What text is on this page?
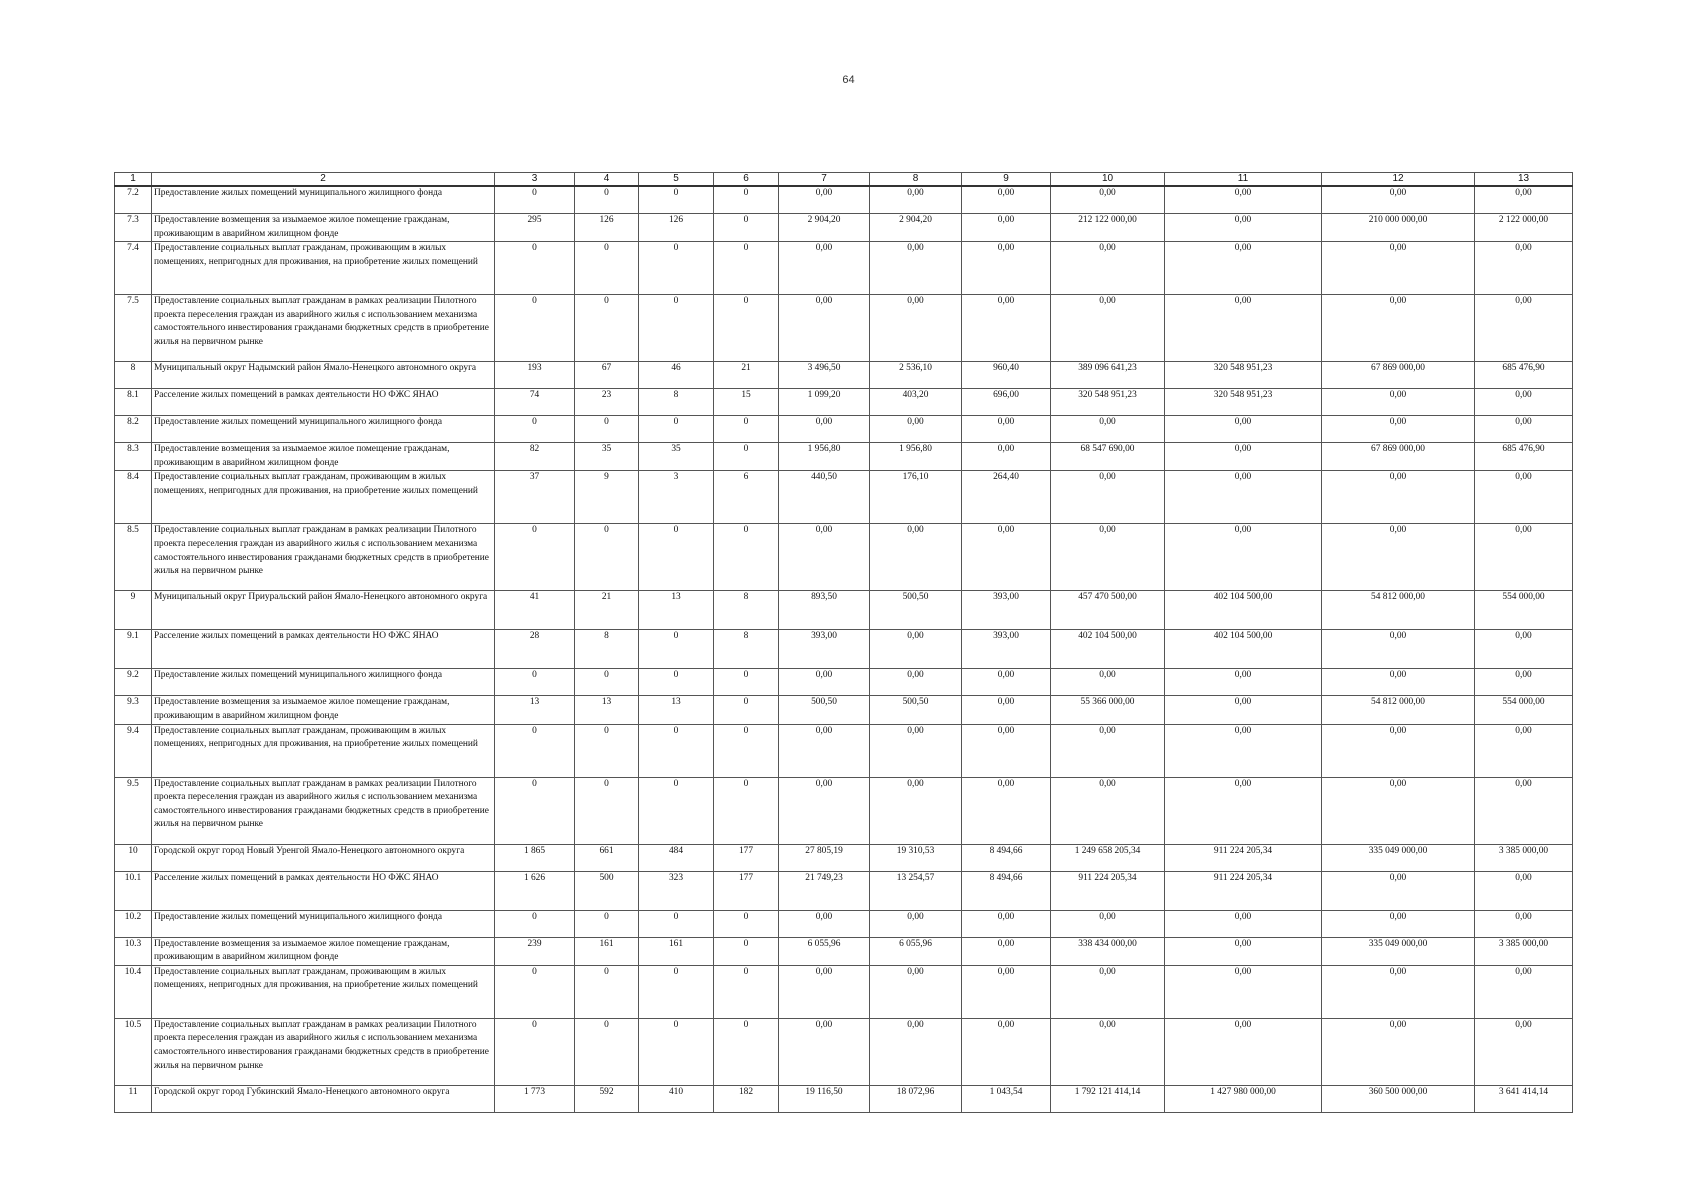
64
1	2	3	4	5	6	7	8	9	10	11	12	13
7.2	Предоставление жилых помещений муниципального жилищного фонда	0	0	0	0	0,00	0,00	0,00	0,00	0,00	0,00	0,00
7.3	Предоставление возмещения за изымаемое жилое помещение гражданам, проживающим в аварийном жилищном фонде	295	126	126	0	2 904,20	2 904,20	0,00	212 122 000,00	0,00	210 000 000,00	2 122 000,00
7.4	Предоставление социальных выплат гражданам, проживающим в жилых помещениях, непригодных для проживания, на приобретение жилых помещений	0	0	0	0	0,00	0,00	0,00	0,00	0,00	0,00	0,00
7.5	Предоставление социальных выплат гражданам в рамках реализации Пилотного проекта переселения граждан из аварийного жилья с использованием механизма самостоятельного инвестирования гражданами бюджетных средств в приобретение жилья на первичном рынке	0	0	0	0	0,00	0,00	0,00	0,00	0,00	0,00	0,00
8	Муниципальный округ Надымский район Ямало-Ненецкого автономного округа	193	67	46	21	3 496,50	2 536,10	960,40	389 096 641,23	320 548 951,23	67 869 000,00	685 476,90
8.1	Расселение жилых помещений в рамках деятельности НО ФЖС ЯНАО	74	23	8	15	1 099,20	403,20	696,00	320 548 951,23	320 548 951,23	0,00	0,00
8.2	Предоставление жилых помещений муниципального жилищного фонда	0	0	0	0	0,00	0,00	0,00	0,00	0,00	0,00	0,00
8.3	Предоставление возмещения за изымаемое жилое помещение гражданам, проживающим в аварийном жилищном фонде	82	35	35	0	1 956,80	1 956,80	0,00	68 547 690,00	0,00	67 869 000,00	685 476,90
8.4	Предоставление социальных выплат гражданам, проживающим в жилых помещениях, непригодных для проживания, на приобретение жилых помещений	37	9	3	6	440,50	176,10	264,40	0,00	0,00	0,00	0,00
8.5	Предоставление социальных выплат гражданам в рамках реализации Пилотного проекта переселения граждан из аварийного жилья с использованием механизма самостоятельного инвестирования гражданами бюджетных средств в приобретение жилья на первичном рынке	0	0	0	0	0,00	0,00	0,00	0,00	0,00	0,00	0,00
9	Муниципальный округ Приуральский район Ямало-Ненецкого автономного округа	41	21	13	8	893,50	500,50	393,00	457 470 500,00	402 104 500,00	54 812 000,00	554 000,00
9.1	Расселение жилых помещений в рамках деятельности НО ФЖС ЯНАО	28	8	0	8	393,00	0,00	393,00	402 104 500,00	402 104 500,00	0,00	0,00
9.2	Предоставление жилых помещений муниципального жилищного фонда	0	0	0	0	0,00	0,00	0,00	0,00	0,00	0,00	0,00
9.3	Предоставление возмещения за изымаемое жилое помещение гражданам, проживающим в аварийном жилищном фонде	13	13	13	0	500,50	500,50	0,00	55 366 000,00	0,00	54 812 000,00	554 000,00
9.4	Предоставление социальных выплат гражданам, проживающим в жилых помещениях, непригодных для проживания, на приобретение жилых помещений	0	0	0	0	0,00	0,00	0,00	0,00	0,00	0,00	0,00
9.5	Предоставление социальных выплат гражданам в рамках реализации Пилотного проекта переселения граждан из аварийного жилья с использованием механизма самостоятельного инвестирования гражданами бюджетных средств в приобретение жилья на первичном рынке	0	0	0	0	0,00	0,00	0,00	0,00	0,00	0,00	0,00
10	Городской округ город Новый Уренгой Ямало-Ненецкого автономного округа	1 865	661	484	177	27 805,19	19 310,53	8 494,66	1 249 658 205,34	911 224 205,34	335 049 000,00	3 385 000,00
10.1	Расселение жилых помещений в рамках деятельности НО ФЖС ЯНАО	1 626	500	323	177	21 749,23	13 254,57	8 494,66	911 224 205,34	911 224 205,34	0,00	0,00
10.2	Предоставление жилых помещений муниципального жилищного фонда	0	0	0	0	0,00	0,00	0,00	0,00	0,00	0,00	0,00
10.3	Предоставление возмещения за изымаемое жилое помещение гражданам, проживающим в аварийном жилищном фонде	239	161	161	0	6 055,96	6 055,96	0,00	338 434 000,00	0,00	335 049 000,00	3 385 000,00
10.4	Предоставление социальных выплат гражданам, проживающим в жилых помещениях, непригодных для проживания, на приобретение жилых помещений	0	0	0	0	0,00	0,00	0,00	0,00	0,00	0,00	0,00
10.5	Предоставление социальных выплат гражданам в рамках реализации Пилотного проекта переселения граждан из аварийного жилья с использованием механизма самостоятельного инвестирования гражданами бюджетных средств в приобретение жилья на первичном рынке	0	0	0	0	0,00	0,00	0,00	0,00	0,00	0,00	0,00
11	Городской округ город Губкинский Ямало-Ненецкого автономного округа	1 773	592	410	182	19 116,50	18 072,96	1 043,54	1 792 121 414,14	1 427 980 000,00	360 500 000,00	3 641 414,14
